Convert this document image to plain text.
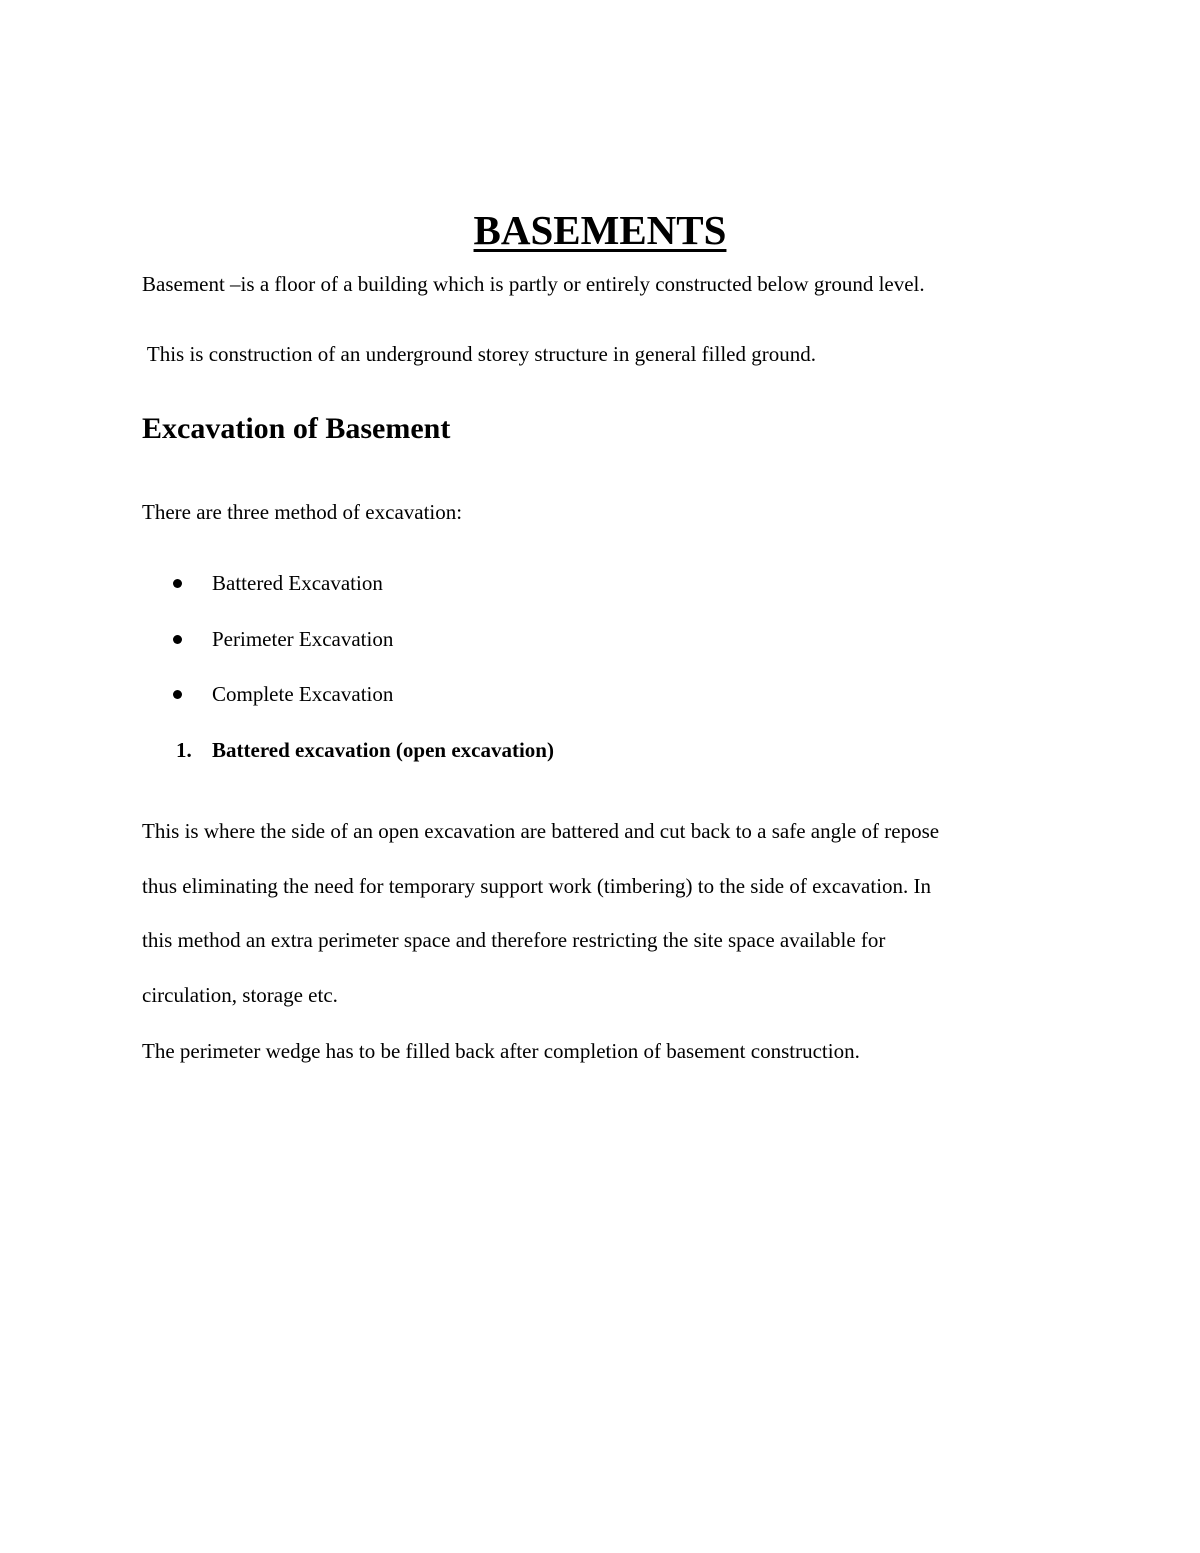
BASEMENTS

Basement –is a floor of a building which is partly or entirely constructed below ground level.

This is construction of an underground storey structure in general filled ground.

Excavation of Basement

There are three method of excavation:

Battered Excavation
Perimeter Excavation
Complete Excavation
1. Battered excavation (open excavation)

This is where the side of an open excavation are battered and cut back to a safe angle of repose
thus eliminating the need for temporary support work (timbering) to the side of excavation. In
this method an extra perimeter space and therefore restricting the site space available for
circulation, storage etc.

The perimeter wedge has to be filled back after completion of basement construction.
